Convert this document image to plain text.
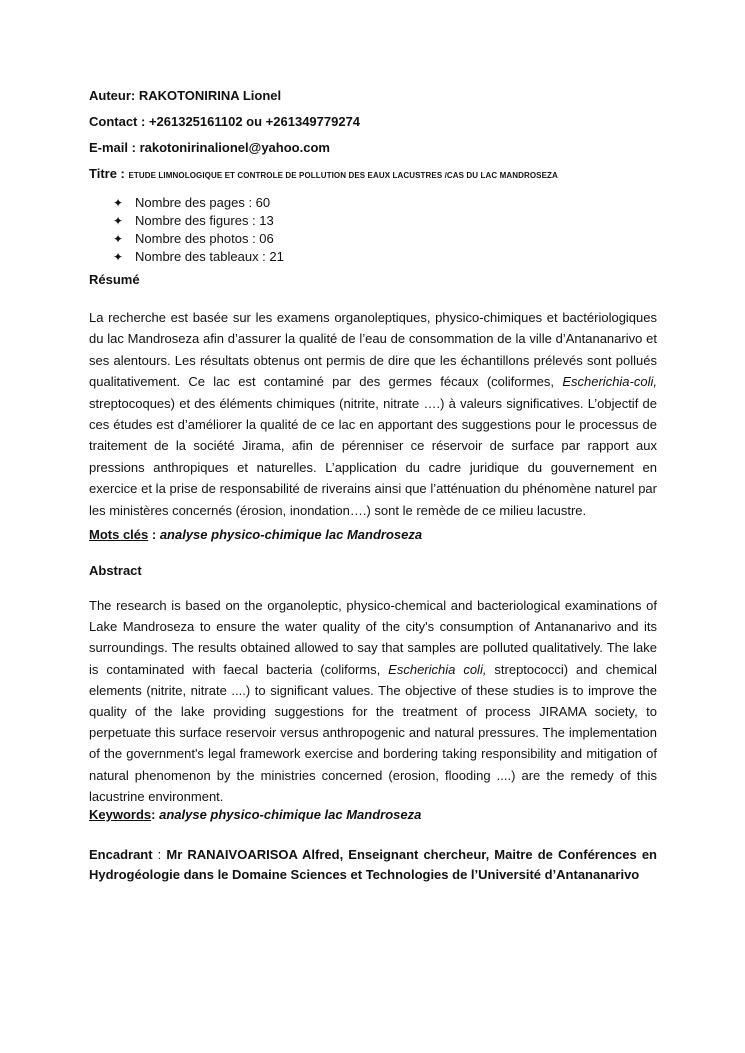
Auteur: RAKOTONIRINA Lionel

Contact : +261325161102 ou +261349779274

E-mail : rakotonirinalionel@yahoo.com

Titre : ETUDE LIMNOLOGIQUE ET CONTROLE DE POLLUTION DES EAUX LACUSTRES /CAS DU LAC MANDROSEZA

✦ Nombre des pages : 60
✦ Nombre des figures : 13
✦ Nombre des photos : 06
✦ Nombre des tableaux : 21

Résumé

La recherche est basée sur les examens organoleptiques, physico-chimiques et bactériologiques du lac Mandroseza afin d’assurer la qualité de l’eau de consommation de la ville d’Antananarivo et ses alentours. Les résultats obtenus ont permis de dire que les échantillons prélevés sont pollués qualitativement. Ce lac est contaminé par des germes fécaux (coliformes, Escherichia-coli, streptocoques) et des éléments chimiques (nitrite, nitrate ….) à valeurs significatives. L’objectif de ces études est d’améliorer la qualité de ce lac en apportant des suggestions pour le processus de traitement de la société Jirama, afin de pérenniser ce réservoir de surface par rapport aux pressions anthropiques et naturelles. L’application du cadre juridique du gouvernement en exercice et la prise de responsabilité de riverains ainsi que l’atténuation du phénomène naturel par les ministères concernés (érosion, inondation….) sont le remède de ce milieu lacustre.

Mots clés : analyse physico-chimique lac Mandroseza

Abstract

The research is based on the organoleptic, physico-chemical and bacteriological examinations of Lake Mandroseza to ensure the water quality of the city's consumption of Antananarivo and its surroundings. The results obtained allowed to say that samples are polluted qualitatively. The lake is contaminated with faecal bacteria (coliforms, Escherichia coli, streptococci) and chemical elements (nitrite, nitrate ....) to significant values. The objective of these studies is to improve the quality of the lake providing suggestions for the treatment of process JIRAMA society, to perpetuate this surface reservoir versus anthropogenic and natural pressures. The implementation of the government's legal framework exercise and bordering taking responsibility and mitigation of natural phenomenon by the ministries concerned (erosion, flooding ....) are the remedy of this lacustrine environment.

Keywords: analyse physico-chimique lac Mandroseza

Encadrant : Mr RANAIVOARISOA Alfred, Enseignant chercheur, Maitre de Conférences en Hydrogéologie dans le Domaine Sciences et Technologies de l’Université d’Antananarivo
